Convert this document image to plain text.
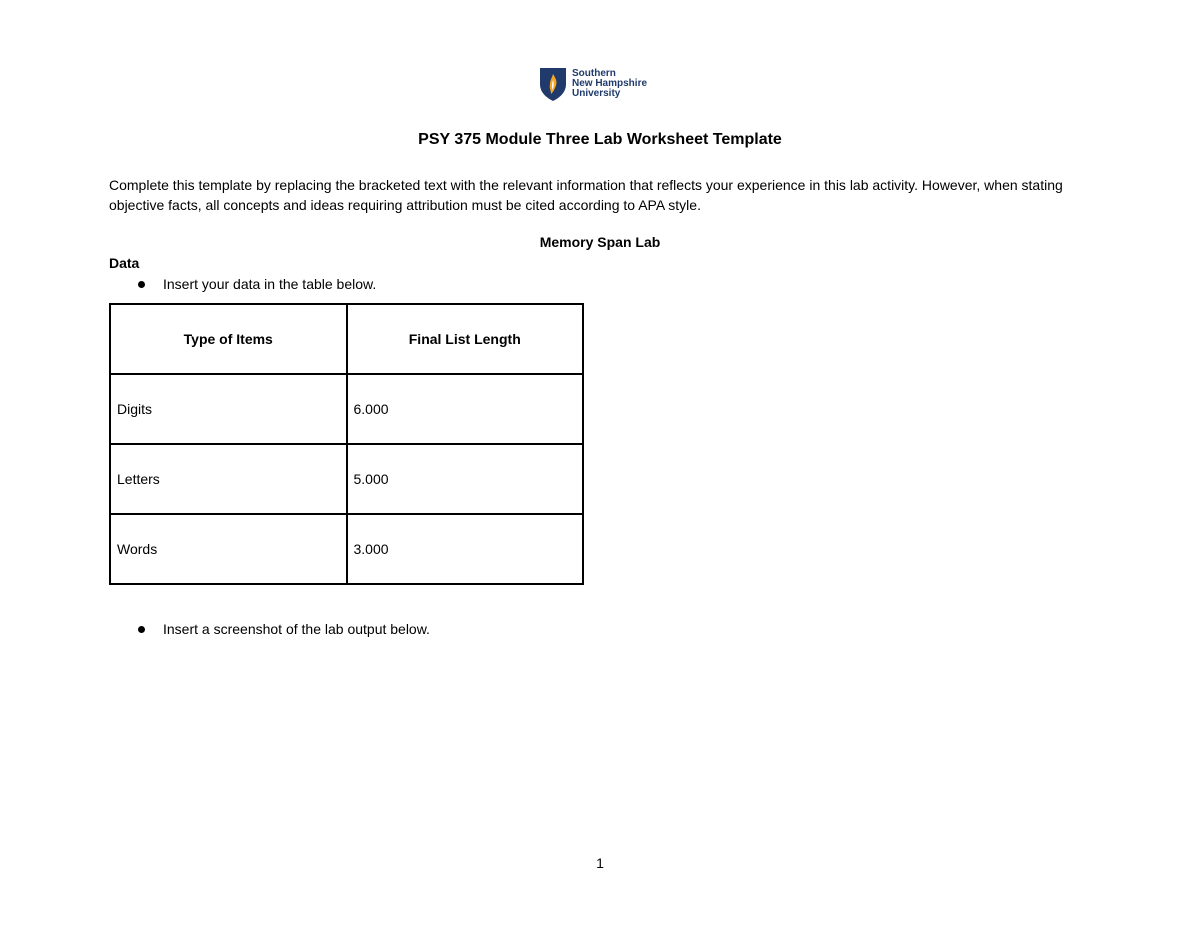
Southern
New Hampshire
University
PSY 375 Module Three Lab Worksheet Template
Complete this template by replacing the bracketed text with the relevant information that reflects your experience in this lab activity. However, when stating objective facts, all concepts and ideas requiring attribution must be cited according to APA style.
Memory Span Lab
Data
Insert your data in the table below.
Type of Items	Final List Length
Digits	6.000
Letters	5.000
Words	3.000
Insert a screenshot of the lab output below.
1
